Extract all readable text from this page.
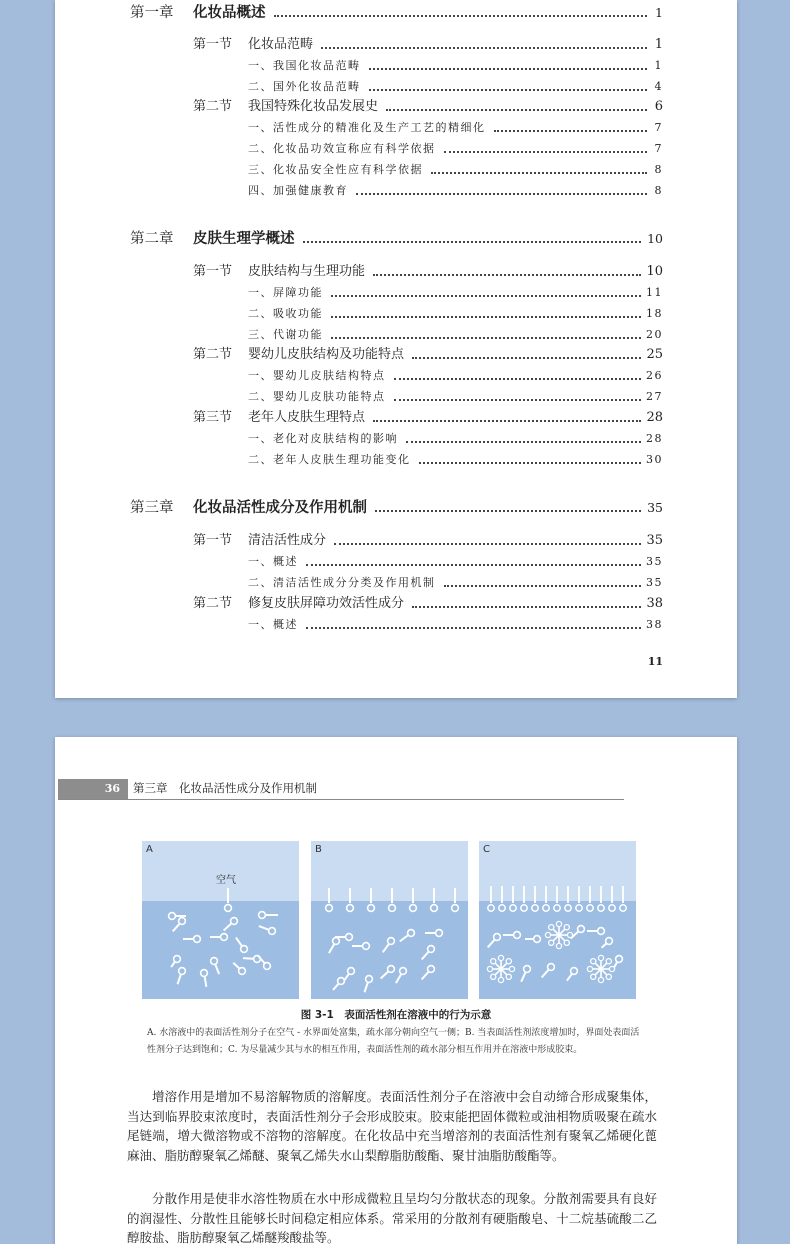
第一章 化妆品概述	1
第一节 化妆品范畴	1
一、我国化妆品范畴	1
二、国外化妆品范畴	4
第二节 我国特殊化妆品发展史	6
一、活性成分的精准化及生产工艺的精细化	7
二、化妆品功效宣称应有科学依据	7
三、化妆品安全性应有科学依据	8
四、加强健康教育	8
第二章 皮肤生理学概述	10
第一节 皮肤结构与生理功能	10
一、屏障功能	11
二、吸收功能	18
三、代谢功能	20
第二节 婴幼儿皮肤结构及功能特点	25
一、婴幼儿皮肤结构特点	26
二、婴幼儿皮肤功能特点	27
第三节 老年人皮肤生理特点	28
一、老化对皮肤结构的影响	28
二、老年人皮肤生理功能变化	30
第三章 化妆品活性成分及作用机制	35
第一节 清洁活性成分	35
一、概述	35
二、清洁活性成分分类及作用机制	35
第二节 修复皮肤屏障功效活性成分	38
一、概述	38
11
36	第三章　化妆品活性成分及作用机制
A
空气
B	C
图 3-1　表面活性剂在溶液中的行为示意
A. 水溶液中的表面活性剂分子在空气 - 水界面处富集，疏水部分朝向空气一侧；B. 当表面活性剂浓度增加时，界面处表面活性剂分子达到饱和；C. 为尽量减少其与水的相互作用，表面活性剂的疏水部分相互作用并在溶液中形成胶束。
增溶作用是增加不易溶解物质的溶解度。表面活性剂分子在溶液中会自动缔合形成聚集体，当达到临界胶束浓度时，表面活性剂分子会形成胶束。胶束能把固体微粒或油相物质吸聚在疏水尾链端，增大微溶物或不溶物的溶解度。在化妆品中充当增溶剂的表面活性剂有聚氧乙烯硬化蓖麻油、脂肪醇聚氧乙烯醚、聚氧乙烯失水山梨醇脂肪酸酯、聚甘油脂肪酸酯等。
分散作用是使非水溶性物质在水中形成微粒且呈均匀分散状态的现象。分散剂需要具有良好的润湿性、分散性且能够长时间稳定相应体系。常采用的分散剂有硬脂酸皂、十二烷基硫酸二乙醇胺盐、脂肪醇聚氧乙烯醚羧酸盐等。
